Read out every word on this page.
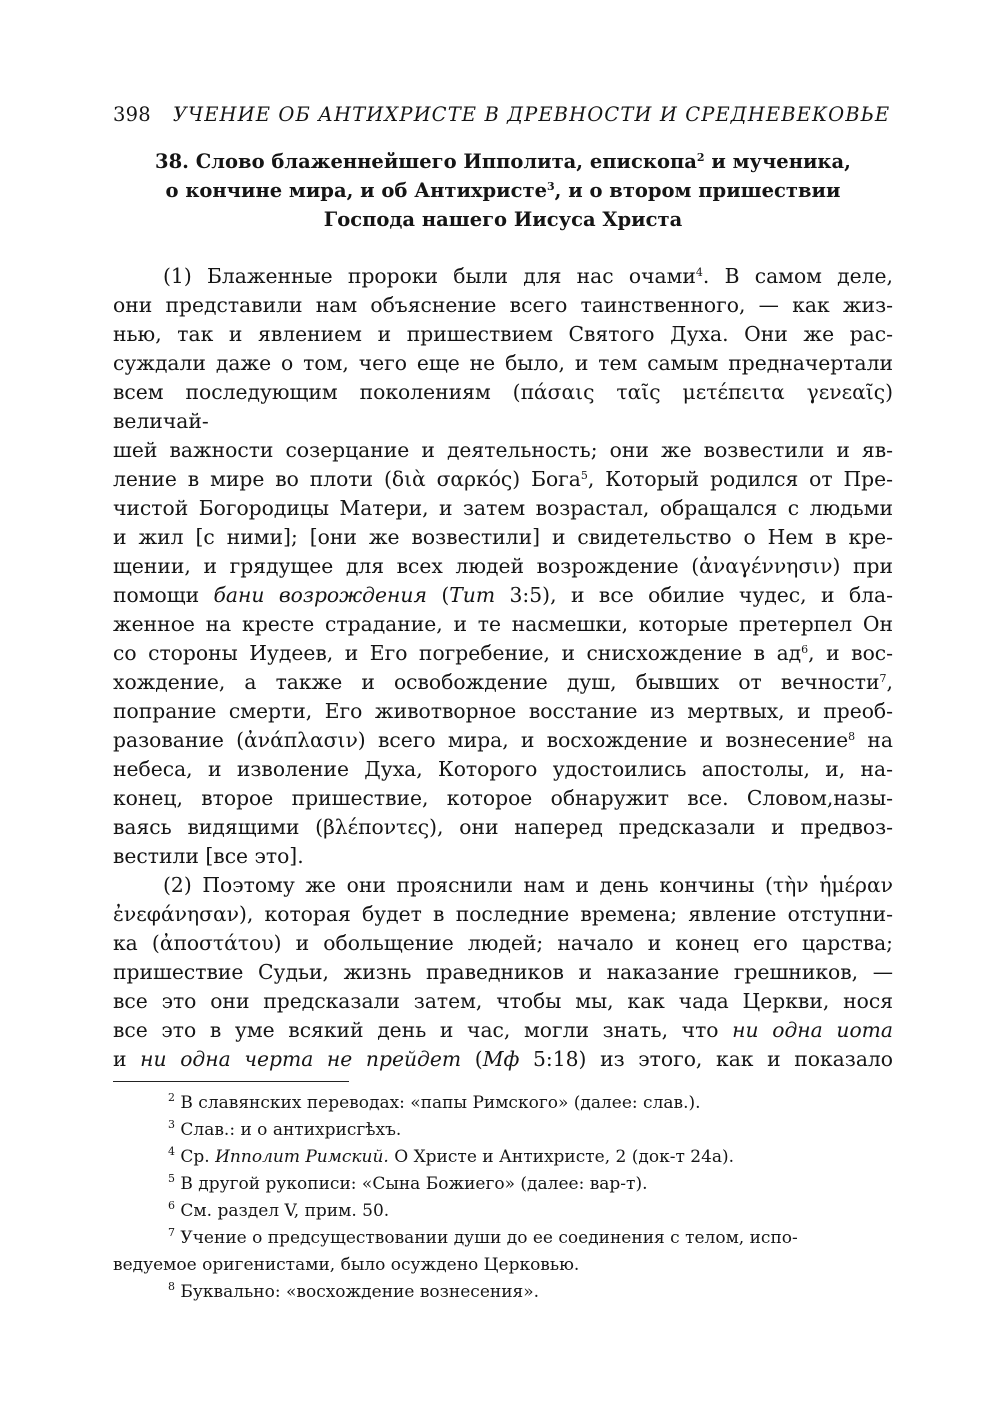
398 УЧЕНИЕ ОБ АНТИХРИСТЕ В ДРЕВНОСТИ И СРЕДНЕВЕКОВЬЕ
38. Слово блаженнейшего Ипполита, епископа$^2$ и мученика,
о кончине мира, и об Антихристе$^3$, и о втором пришествии
Господа нашего Иисуса Христа
(1) Блаженные пророки были для нас очами$^4$. В самом деле,
они представили нам объяснение всего таинственного, — как жиз-
нью, так и явлением и пришествием Святого Духа. Они же рас-
суждали даже о том, чего еще не было, и тем самым предначертали
всем последующим поколениям (πάσαις ταῖς μετέπειτα γενεαῖς) величай-
шей важности созерцание и деятельность; они же возвестили и яв-
ление в мире во плоти (διὰ σαρκός) Бога$^5$, Который родился от Пре-
чистой Богородицы Матери, и затем возрастал, обращался с людьми
и жил [с ними]; [они же возвестили] и свидетельство о Нем в кре-
щении, и грядущее для всех людей возрождение (ἀναγέννησιν) при
помощи бани возрождения (Тит 3:5), и все обилие чудес, и бла-
женное на кресте страдание, и те насмешки, которые претерпел Он
со стороны Иудеев, и Его погребение, и снисхождение в $ад^6$, и вос-
хождение, а также и освобождение душ, бывших от вечности$^7$,
попрание смерти, Его животворное восстание из мертвых, и преоб-
разование (ἀνάπλασιν) всего мира, и восхождение и вознесение$^8$ на
небеса, и изволение Духа, Которого удостоились апостолы, и, на-
конец, второе пришествие, которое обнаружит все. Словом,назы-
ваясь видящими (βλέποντες), они наперед предсказали и предвоз-
вестили [все это].
(2) Поэтому же они прояснили нам и день кончины (τὴν ἡμέραν
ἐνεφάνησαν), которая будет в последние времена; явление отступни-
ка (ἀποστάτου) и обольщение людей; начало и конец его царства;
пришествие Судьи, жизнь праведников и наказание грешников, —
все это они предсказали затем, чтобы мы, как чада Церкви, нося
все это в уме всякий день и час, могли знать, что ни одна иота
и ни одна черта не прейдет (Мф 5:18) из этого, как и показало

$^2$ В славянских переводах: «папы Римского» (далее: слав.).

$^3$ Слав.: и о антихрисгѣхъ.

$^4$ Ср. Ипполит Римский. О Христе и Антихристе, 2 (док-т 24а).

$^5$ В другой рукописи: «Сына Божиего» (далее: вар-т).

$^6$ См. раздел V, прим. 50.

$^7$ Учение о предсуществовании души до ее соединения с телом, испо-
ведуемое оригенистами, было осуждено Церковью.

$^8$ Буквально: «восхождение вознесения».
